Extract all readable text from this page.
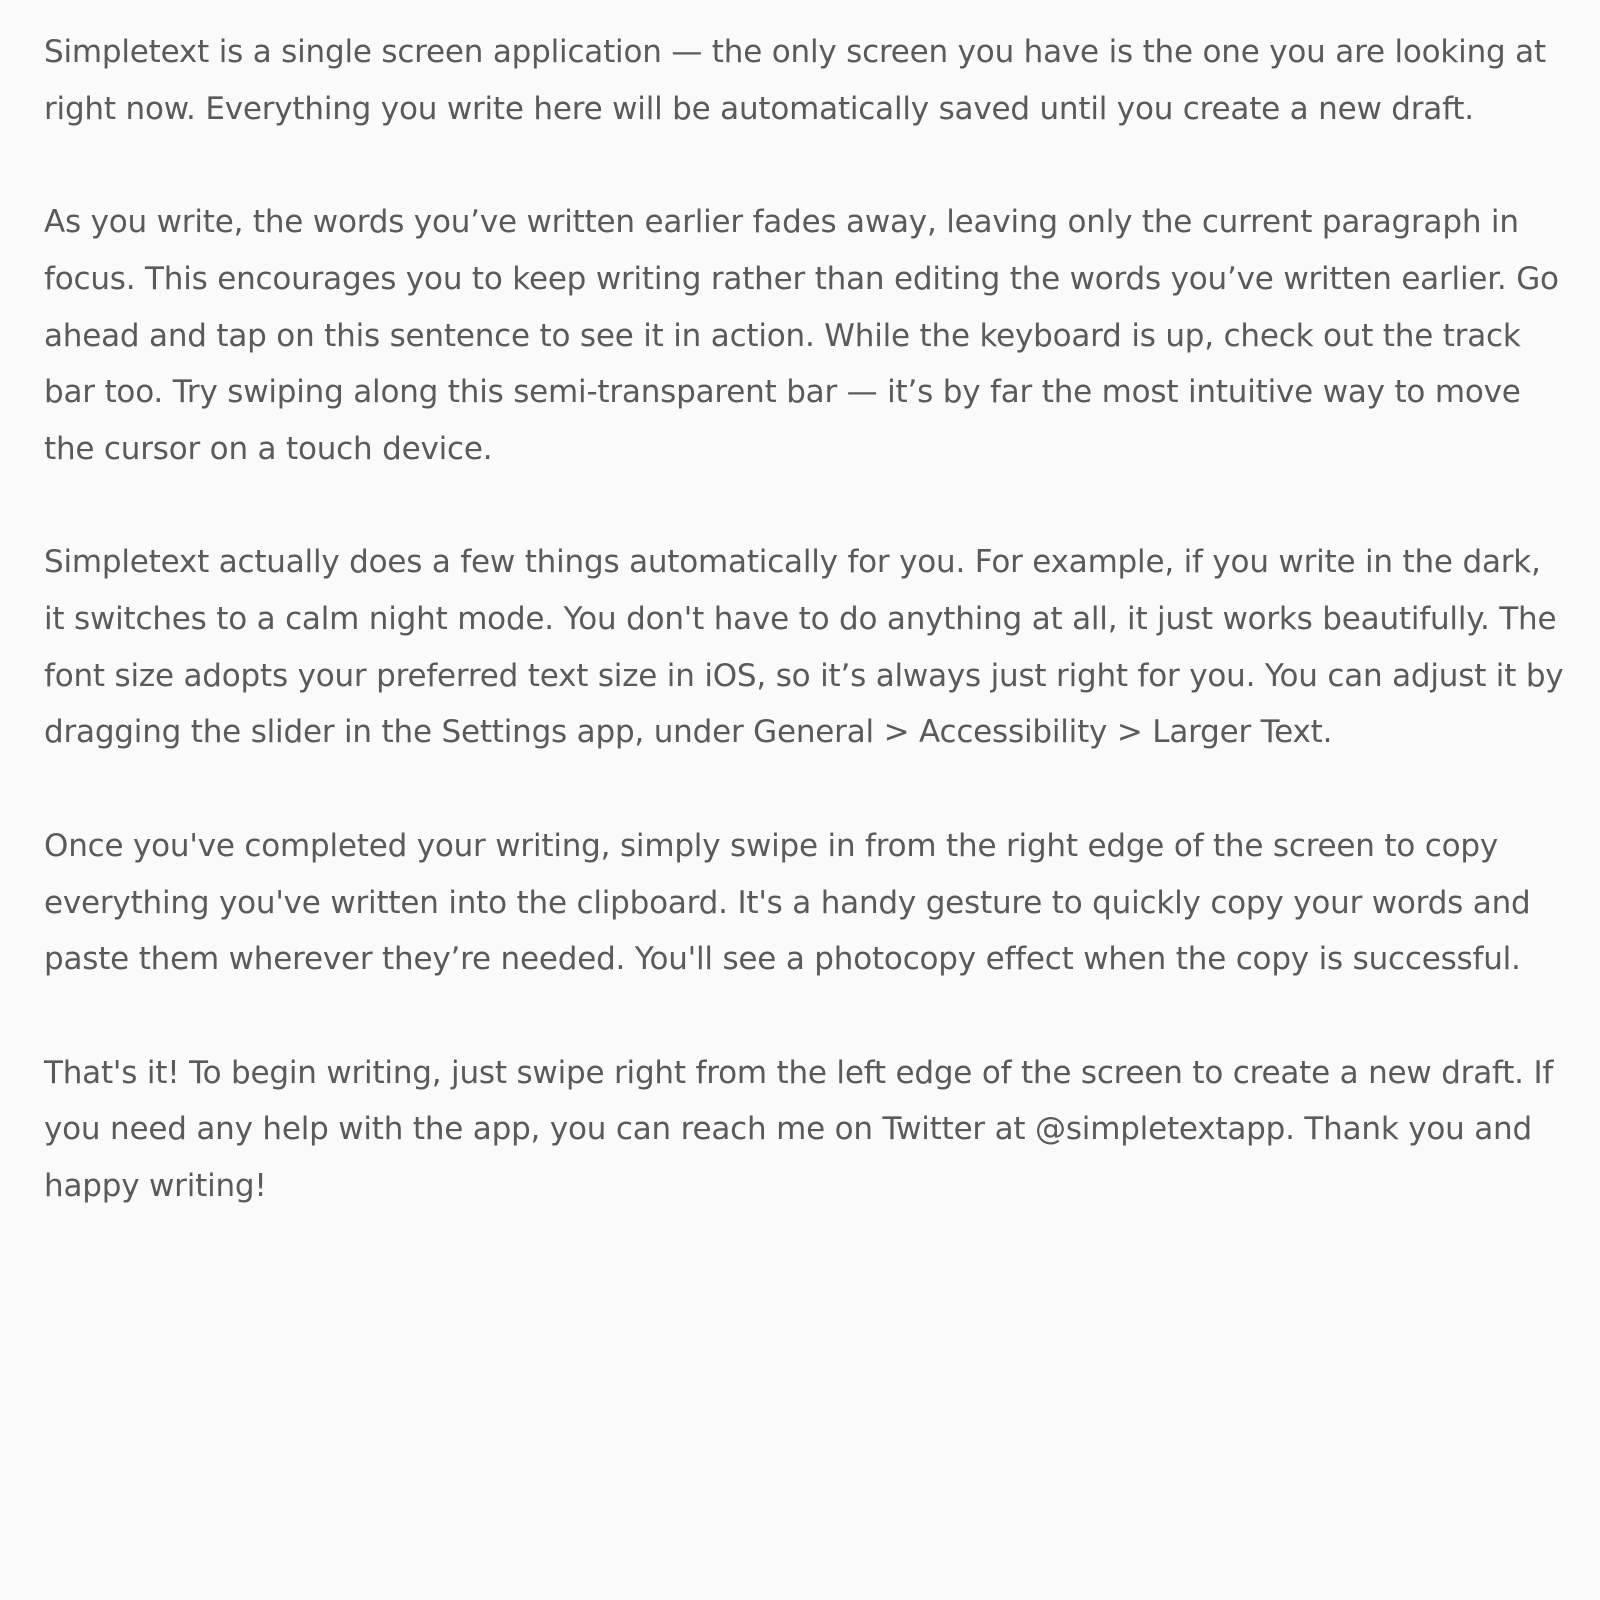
Simpletext is a single screen application — the only screen you have is the one you are looking at right now. Everything you write here will be automatically saved until you create a new draft.

As you write, the words you’ve written earlier fades away, leaving only the current paragraph in focus. This encourages you to keep writing rather than editing the words you’ve written earlier. Go ahead and tap on this sentence to see it in action. While the keyboard is up, check out the track bar too. Try swiping along this semi-transparent bar — it’s by far the most intuitive way to move the cursor on a touch device.

Simpletext actually does a few things automatically for you. For example, if you write in the dark, it switches to a calm night mode. You don't have to do anything at all, it just works beautifully. The font size adopts your preferred text size in iOS, so it’s always just right for you. You can adjust it by dragging the slider in the Settings app, under General > Accessibility > Larger Text.

Once you've completed your writing, simply swipe in from the right edge of the screen to copy everything you've written into the clipboard. It's a handy gesture to quickly copy your words and paste them wherever they’re needed. You'll see a photocopy effect when the copy is successful.

That's it! To begin writing, just swipe right from the left edge of the screen to create a new draft. If you need any help with the app, you can reach me on Twitter at @simpletextapp. Thank you and happy writing!
